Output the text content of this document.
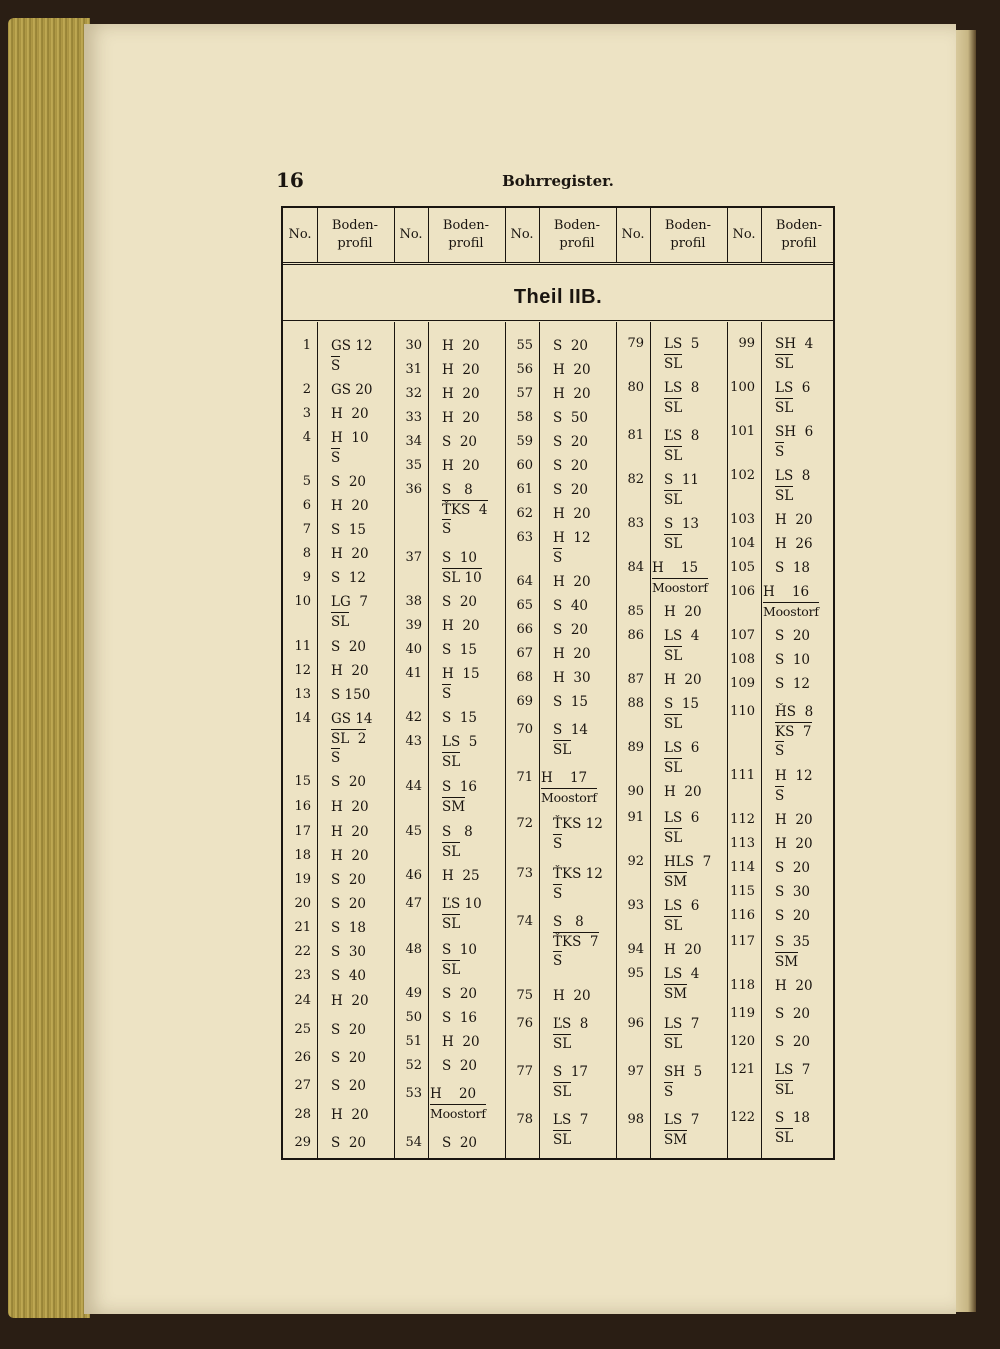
16	Bohrregister.
No.
Boden-
profil
No.
Boden-
profil
No.
Boden-
profil
No.
Boden-
profil
No.
Boden-
profil
Theil IIB.
1 GS 12
S
2 GS 20
3 H  20
4 H  10
S
5 S  20
6 H  20
7 S  15
8 H  20
9 S  12
10 LG  7
SL
11 S  20
12 H  20
13 S 150
14 GS 14
SL  2
S
15 S  20
16 H  20
17 H  20
18 H  20
19 S  20
20 S  20
21 S  18
22 S  30
23 S  40
24 H  20
25 S  20
26 S  20
27 S  20
28 H  20
29 S  20
30 H  20
31 H  20
32 H  20
33 H  20
34 S  20
35 H  20
36 S   8
ŤKS  4
S
37 S  10
SL 10
38 S  20
39 H  20
40 S  15
41 H  15
S
42 S  15
43 LS  5
SL
44 S  16
SM
45 S   8
SL
46 H  25
47 ĽS 10
SL
48 S  10
SL
49 S  20
50 S  16
51 H  20
52 S  20
53 H    20
Moostorf
54 S  20
55 S  20
56 H  20
57 H  20
58 S  50
59 S  20
60 S  20
61 S  20
62 H  20
63 H  12
S
64 H  20
65 S  40
66 S  20
67 H  20
68 H  30
69 S  15
70 S  14
SL
71 H    17
Moostorf
72 ŤKS 12
S
73 ŤKS 12
S
74 S   8
ŤKS  7
S
75 H  20
76 ĽS  8
SL
77 S  17
SL
78 LS  7
SL
79 LS  5
SL
80 LS  8
SL
81 ĽS  8
SL
82 S  11
SL
83 S  13
SL
84 H    15
Moostorf
85 H  20
86 LS  4
SL
87 H  20
88 S  15
SL
89 LS  6
SL
90 H  20
91 LS  6
SL
92 HLS  7
SM
93 LS  6
SL
94 H  20
95 LS  4
SM
96 LS  7
SL
97 SH  5
S
98 LS  7
SM
99 SH  4
SL
100 LS  6
SL
101 SH  6
S
102 LS  8
SL
103 H  20
104 H  26
105 S  18
106 H    16
Moostorf
107 S  20
108 S  10
109 S  12
110 ȞS  8
KS  7
S
111 H  12
S
112 H  20
113 H  20
114 S  20
115 S  30
116 S  20
117 S  35
SM
118 H  20
119 S  20
120 S  20
121 LS  7
SL
122 S  18
SL
